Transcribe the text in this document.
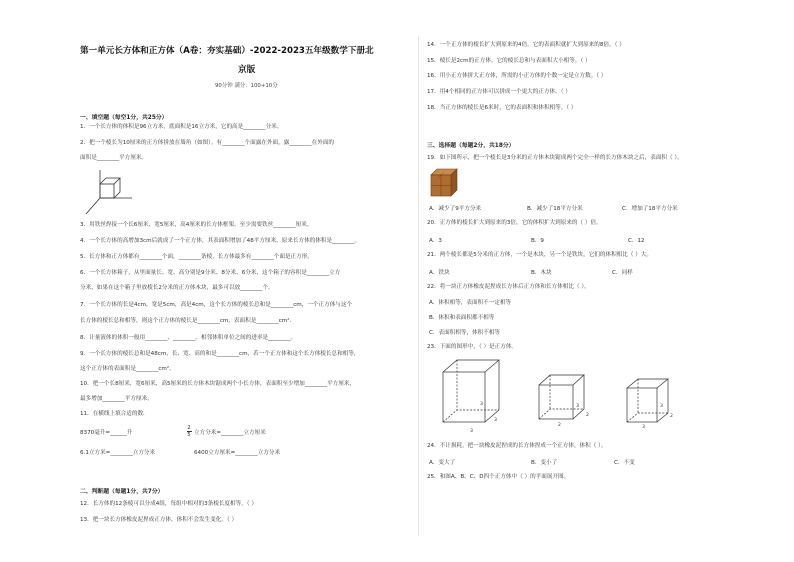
第一单元长方体和正方体（A卷：夯实基础）-2022-2023五年级数学下册北
京版
90分钟 满分：100+10分
一、填空题（每空1分，共25分）
1．一个长方体的体积是96立方米，底面积是16立方米，它的高是________分米。
2．把一个棱长为10厘米的正方体拼放在墙角（如图）。有________个面露在外面，露________在外面的
面积是________平方厘米。
3．用铁丝焊接一个长6厘米、宽5厘米，高4厘米的长方体框架，至少需要铁丝________厘米。
4．一个长方体的高增加3cm后就成了一个正方体，其表面积增加了48平方厘米，原来长方体的体积是________。
5．长方体和正方体都有________个面，________条棱，长方体最多有________个面是正方形。
6．一个长方体箱子，从里面量长、宽、高分别是9分米、8分米、6分米，这个箱子的容积是________立方
分米，如果在这个箱子里放棱长2分米的正方体木块，最多可以放________个。
7．一个长方体的长是4cm，宽是5cm，高是4cm，这个长方体的棱长总和是________cm，一个正方体与这个
长方体的棱长总和相等，则这个正方体的棱长是________cm，表面积是________cm².
8．计量液体的体积一般用________、________。相邻体积单位之间的进率是________。
9．一个长方体的棱长总和是48cm，长、宽、高的和是________cm，若一个正方体和这个长方体棱长总和相等，
这个正方体的表面积是________cm²。
10．把一个长8厘米，宽6厘米，高5厘米的长方体木块锯成两个小长方体，表面积至少增加________平方厘米，
最多增加________平方厘米。
11．在横线上填合适的数．
8370毫升=______升
2
5 立方分米=________立方厘米
6.1立方米=________立方分米	6400立方厘米=________立方分米
二、判断题（每题1分，共7分）
12．长方体的12条棱可以分成4组，每组中相对的3条棱长度相等。（ ）
13．把一块长方体橡皮泥捏成正方体，体积不会发生变化。（ ）
14．一个正方体的棱长扩大到原来的4倍，它的表面积就扩大到原来的8倍。（ ）
15．棱长是2cm的正方体，它的棱长总和与表面积大小相等。（ ）
16．用小正方体拼大正方体，所需的小正方体的个数一定是立方数。（ ）
17．用4个相同的正方体可以拼成一个更大的正方体。（ ）
18．当正方体的棱长是6米时，它的表面积和体积相等。（ ）
三、选择题（每题2分，共18分）
19．如下图所示，把一个棱长是3分米的正方体木块锯成两个完全一样的长方体木块之后，表面积（ ）。
A．减少了9平方分米	B．减少了18平方分米	C．增加了18平方分米
20．正方体的棱长扩大到原来的3倍，它的体积扩大到原来的（ ）倍。
A．3	B．9	C．12
21．两个棱长都是5分米的正方体，一个是木块，另一个是铁块，它们的体积相比（ ）大。
A．铁块	B．木块	C．同样
22．将一块正方体橡皮泥捏成长方体后正方体和长方体相比（ ）。
A．体积相等，表面积不一定相等
B．体积和表面积都不相等
C．表面积相等，体积不相等
23．下面的图形中，（ ）是正方体。
3
3
3
2
3
2
3
3
2
24．不计损耗，把一块橡皮泥捏成的长方体捏成一个正方体，体积（ ）。
A．变大了	B．变小了	C．不变
25．和图A、B、C、D四个正方体中（ ）的平面展开图。
